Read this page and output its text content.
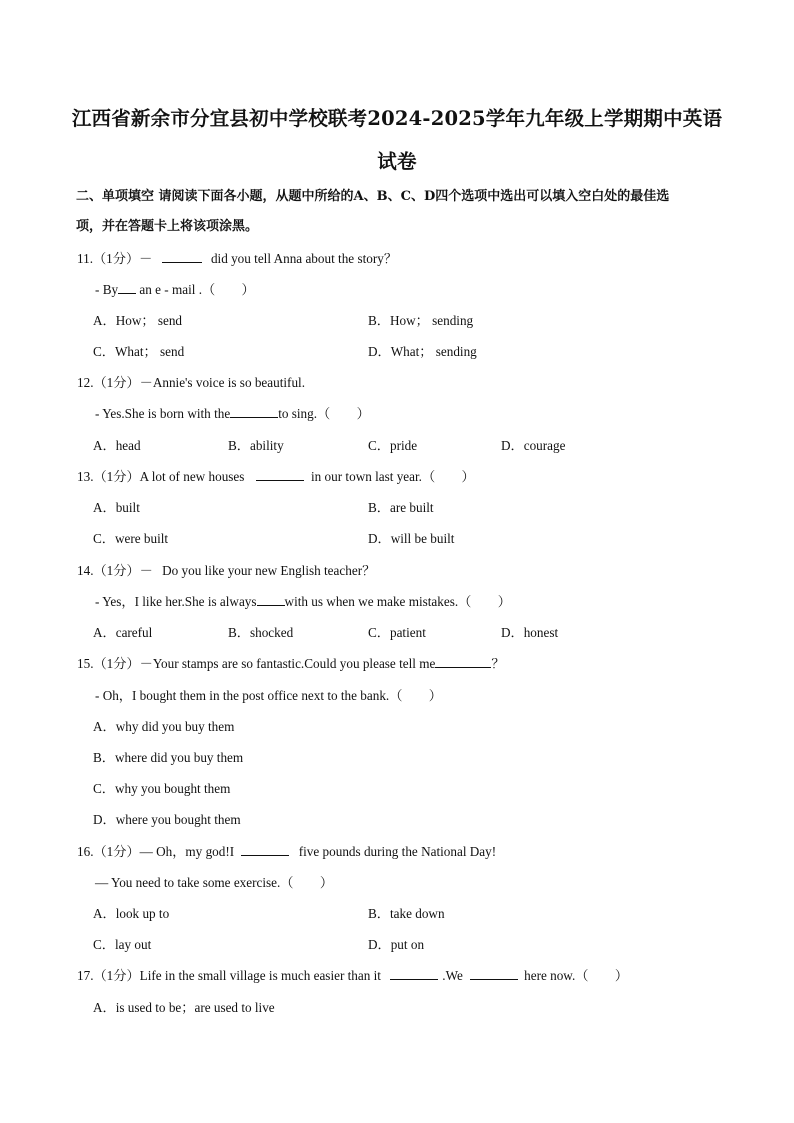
江西省新余市分宜县初中学校联考2024-2025学年九年级上学期期中英语
试卷
二、单项填空 请阅读下面各小题，从题中所给的A、B、C、D四个选项中选出可以填入空白处的最佳选
项，并在答题卡上将该项涂黑。
11.（1分）－	did you tell Anna about the story？
- By an e - mail .（　　）
A．How； send	B．How； sending
C．What； send	D．What； sending
12.（1分）－Annie's voice is so beautiful.
- Yes.She is born with the	to sing.（　　）
A．head	B．ability	C．pride	D．courage
13.（1分）A lot of new houses	in our town last year.（　　）
A．built	B．are built
C．were built	D．will be built
14.（1分）－ Do you like your new English teacher？
- Yes，I like her.She is always with us when we make mistakes.（　　）
A．careful	B．shocked	C．patient	D．honest
15.（1分）－Your stamps are so fantastic.Could you please tell me	？
- Oh，I bought them in the post office next to the bank.（　　）
A．why did you buy them
B．where did you buy them
C．why you bought them
D．where you bought them
16.（1分）— Oh，my god!I	five pounds during the National Day!
— You need to take some exercise.（　　）
A．look up to	B．take down
C．lay out	D．put on
17.（1分）Life in the small village is much easier than it	.We	here now.（　　）
A．is used to be；are used to live
